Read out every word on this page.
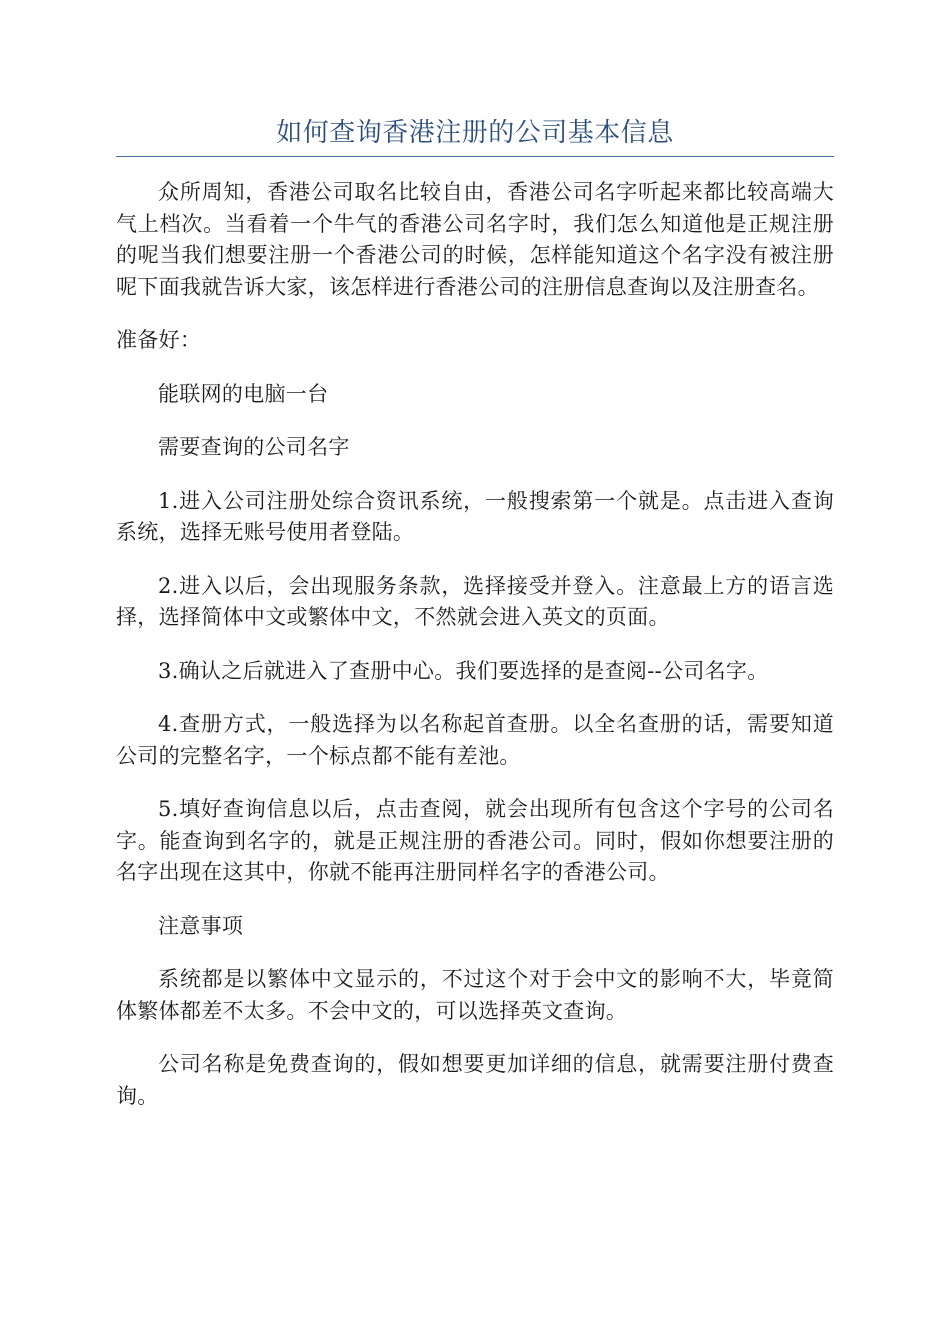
如何查询香港注册的公司基本信息

众所周知，香港公司取名比较自由，香港公司名字听起来都比较高端大气上档次。当看着一个牛气的香港公司名字时，我们怎么知道他是正规注册的呢当我们想要注册一个香港公司的时候，怎样能知道这个名字没有被注册呢下面我就告诉大家，该怎样进行香港公司的注册信息查询以及注册查名。

准备好：

能联网的电脑一台

需要查询的公司名字

1.进入公司注册处综合资讯系统，一般搜索第一个就是。点击进入查询系统，选择无账号使用者登陆。

2.进入以后，会出现服务条款，选择接受并登入。注意最上方的语言选择，选择简体中文或繁体中文，不然就会进入英文的页面。

3.确认之后就进入了查册中心。我们要选择的是查阅--公司名字。

4.查册方式，一般选择为以名称起首查册。以全名查册的话，需要知道公司的完整名字，一个标点都不能有差池。

5.填好查询信息以后，点击查阅，就会出现所有包含这个字号的公司名字。能查询到名字的，就是正规注册的香港公司。同时，假如你想要注册的名字出现在这其中，你就不能再注册同样名字的香港公司。

注意事项

系统都是以繁体中文显示的，不过这个对于会中文的影响不大，毕竟简体繁体都差不太多。不会中文的，可以选择英文查询。

公司名称是免费查询的，假如想要更加详细的信息，就需要注册付费查询。
